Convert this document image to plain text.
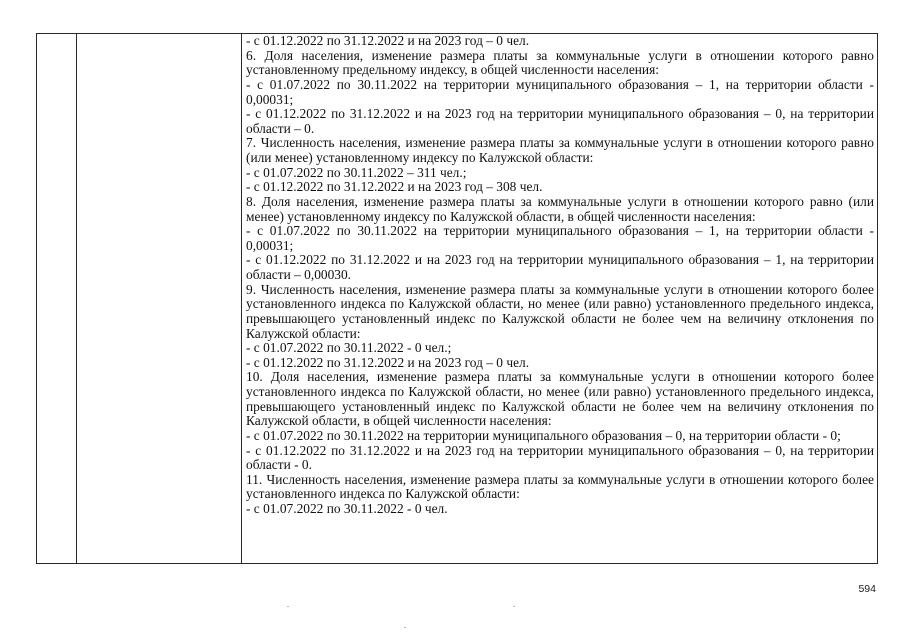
- с 01.12.2022 по 31.12.2022 и на 2023 год – 0 чел.

6. Доля населения, изменение размера платы за коммунальные услуги в отношении которого равно установленному предельному индексу, в общей численности населения:

- с 01.07.2022 по 30.11.2022 на территории муниципального образования – 1, на территории области - 0,00031;

- с 01.12.2022 по 31.12.2022 и на 2023 год на территории муниципального образования – 0, на территории области – 0.

7. Численность населения, изменение размера платы за коммунальные услуги в отношении которого равно (или менее) установленному индексу по Калужской области:

- с 01.07.2022 по 30.11.2022 – 311 чел.;

- с 01.12.2022 по 31.12.2022 и на 2023 год – 308 чел.

8. Доля населения, изменение размера платы за коммунальные услуги в отношении которого равно (или менее) установленному индексу по Калужской области, в общей численности населения:

- с 01.07.2022 по 30.11.2022 на территории муниципального образования – 1, на территории области - 0,00031;

- с 01.12.2022 по 31.12.2022 и на 2023 год на территории муниципального образования – 1, на территории области – 0,00030.

9. Численность населения, изменение размера платы за коммунальные услуги в отношении которого более установленного индекса по Калужской области, но менее (или равно) установленного предельного индекса, превышающего установленный индекс по Калужской области не более чем на величину отклонения по Калужской области:

- с 01.07.2022 по 30.11.2022 - 0 чел.;

- с 01.12.2022 по 31.12.2022 и на 2023 год – 0 чел.

10. Доля населения, изменение размера платы за коммунальные услуги в отношении которого более установленного индекса по Калужской области, но менее (или равно) установленного предельного индекса, превышающего установленный индекс по Калужской области не более чем на величину отклонения по Калужской области, в общей численности населения:

- с 01.07.2022 по 30.11.2022 на территории муниципального образования – 0, на территории области - 0;

- с 01.12.2022 по 31.12.2022 и на 2023 год на территории муниципального образования – 0, на территории области - 0.

11. Численность населения, изменение размера платы за коммунальные услуги в отношении которого более установленного индекса по Калужской области:

- с 01.07.2022 по 30.11.2022 - 0 чел.

594
